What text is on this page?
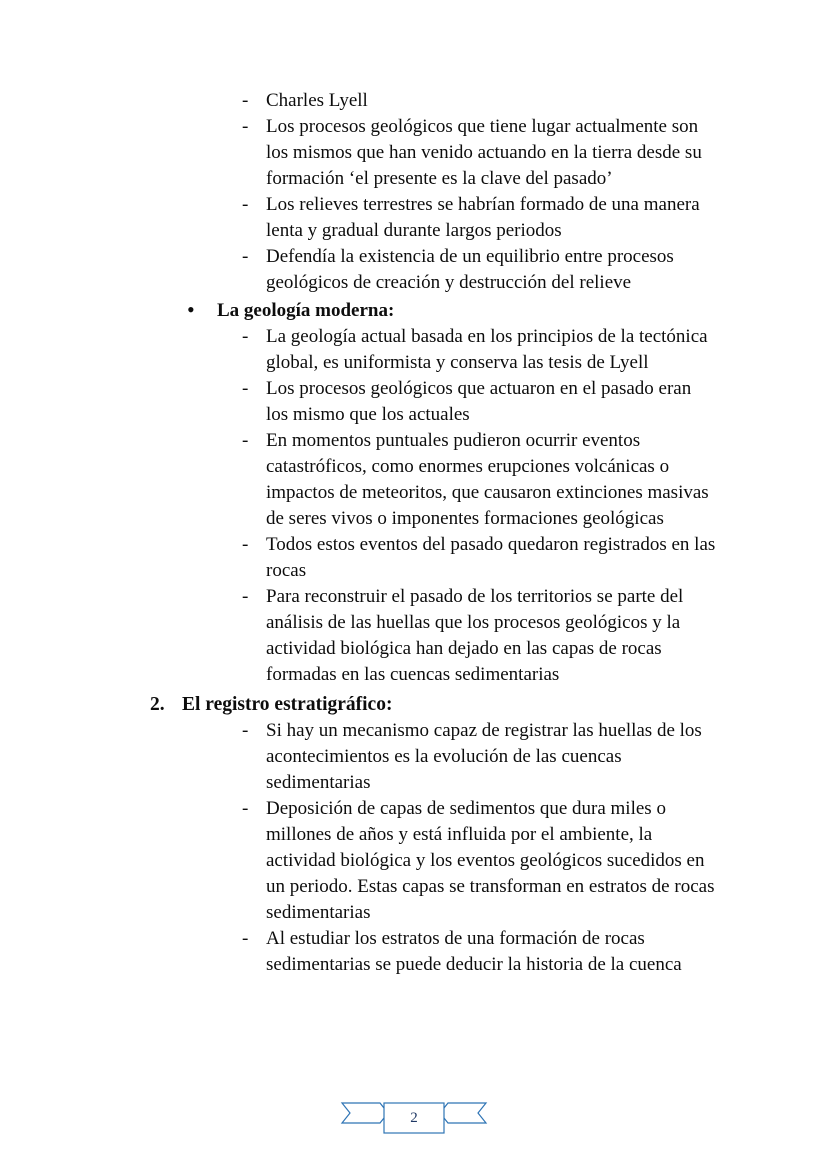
- Charles Lyell
- Los procesos geológicos que tiene lugar actualmente son los mismos que han venido actuando en la tierra desde su formación ‘el presente es la clave del pasado’
- Los relieves terrestres se habrían formado de una manera lenta y gradual durante largos periodos
- Defendía la existencia de un equilibrio entre procesos geológicos de creación y destrucción del relieve
• La geología moderna:
- La geología actual basada en los principios de la tectónica global, es uniformista y conserva las tesis de Lyell
- Los procesos geológicos que actuaron en el pasado eran los mismo que los actuales
- En momentos puntuales pudieron ocurrir eventos catastróficos, como enormes erupciones volcánicas o impactos de meteoritos, que causaron extinciones masivas de seres vivos o imponentes formaciones geológicas
- Todos estos eventos del pasado quedaron registrados en las rocas
- Para reconstruir el pasado de los territorios se parte del análisis de las huellas que los procesos geológicos y la actividad biológica han dejado en las capas de rocas formadas en las cuencas sedimentarias
2. El registro estratigráfico:
- Si hay un mecanismo capaz de registrar las huellas de los acontecimientos es la evolución de las cuencas sedimentarias
- Deposición de capas de sedimentos que dura miles o millones de años y está influida por el ambiente, la actividad biológica y los eventos geológicos sucedidos en un periodo. Estas capas se transforman en estratos de rocas sedimentarias
- Al estudiar los estratos de una formación de rocas sedimentarias se puede deducir la historia de la cuenca
2
